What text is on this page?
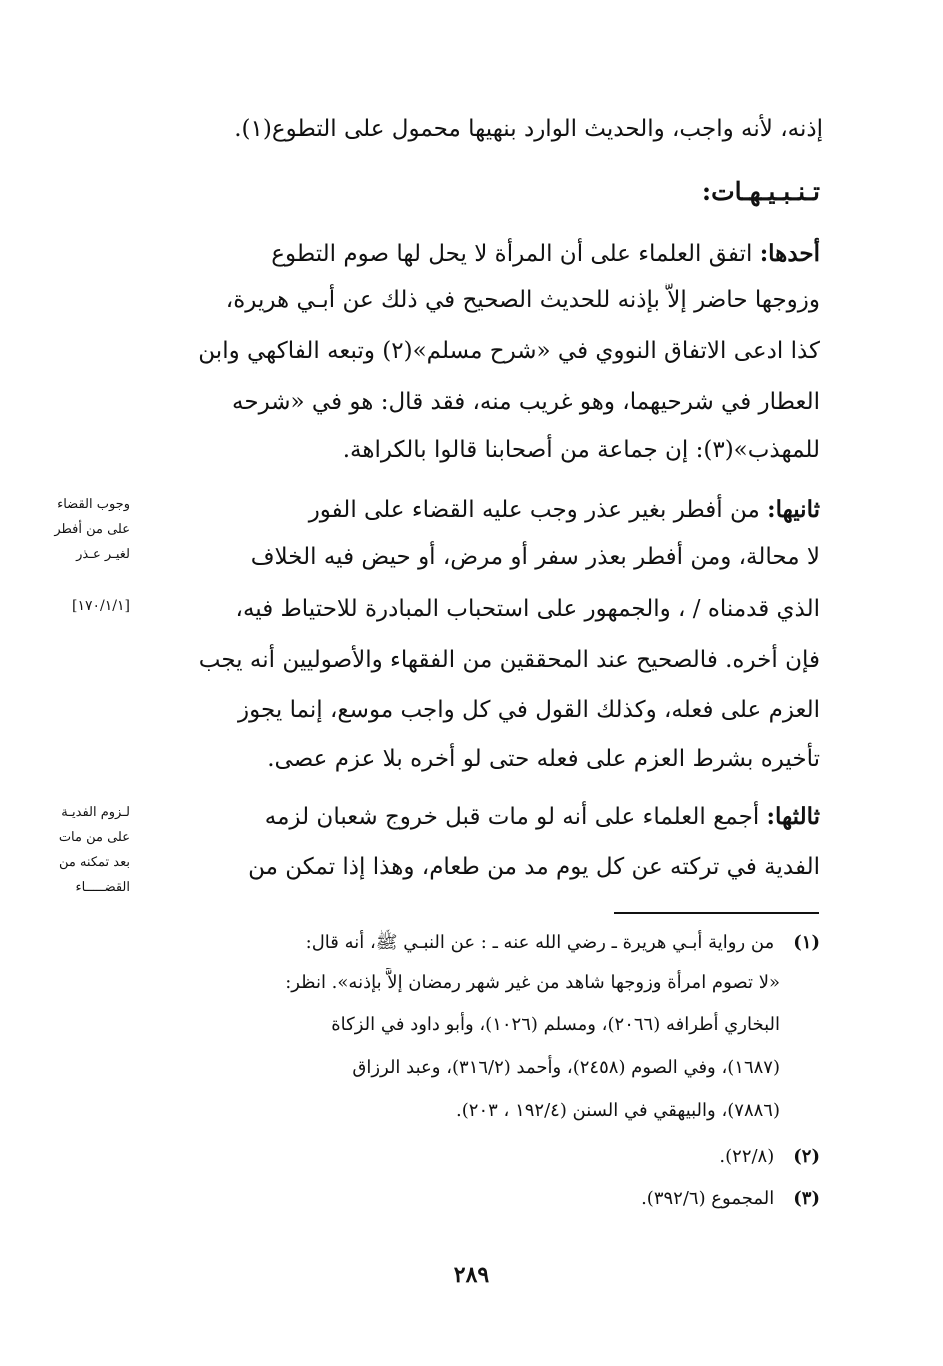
إذنه، لأنه واجب، والحديث الوارد بنهيها محمول على التطوع(١).
تـنـبـيـهـات:
أحدها: اتفق العلماء على أن المرأة لا يحل لها صوم التطوع
وزوجها حاضر إلاَّ بإذنه للحديث الصحيح في ذلك عن أبـي هريرة،
كذا ادعى الاتفاق النووي في «شرح مسلم»(٢) وتبعه الفاكهي وابن
العطار في شرحيهما، وهو غريب منه، فقد قال: هو في «شرحه
للمهذب»(٣): إن جماعة من أصحابنا قالوا بالكراهة.
ثانيها: من أفطر بغير عذر وجب عليه القضاء على الفور
لا محالة، ومن أفطر بعذر سفر أو مرض، أو حيض فيه الخلاف
الذي قدمناه / ، والجمهور على استحباب المبادرة للاحتياط فيه،
فإن أخره. فالصحيح عند المحققين من الفقهاء والأصوليين أنه يجب
العزم على فعله، وكذلك القول في كل واجب موسع، إنما يجوز
تأخيره بشرط العزم على فعله حتى لو أخره بلا عزم عصى.
ثالثها: أجمع العلماء على أنه لو مات قبل خروج شعبان لزمه
الفدية في تركته عن كل يوم مد من طعام، وهذا إذا تمكن من
وجوب القضاء
على من أفطر
لغيـر عـذر
[١٧٠/١/١]
لـزوم الفديـة
على من مات
بعد تمكنه من
القضـــــاء
(١) من رواية أبـي هريرة ـ رضي الله عنه ـ : عن النبـي ﷺ، أنه قال:
«لا تصوم امرأة وزوجها شاهد من غير شهر رمضان إلاَّ بإذنه». انظر:
البخاري أطرافه (٢٠٦٦)، ومسلم (١٠٢٦)، وأبو داود في الزكاة
(١٦٨٧)، وفي الصوم (٢٤٥٨)، وأحمد (٣١٦/٢)، وعبد الرزاق
(٧٨٨٦)، والبيهقي في السنن (١٩٢/٤ ، ٢٠٣).
(٢) (٢٢/٨).
(٣) المجموع (٣٩٢/٦).
٢٨٩
